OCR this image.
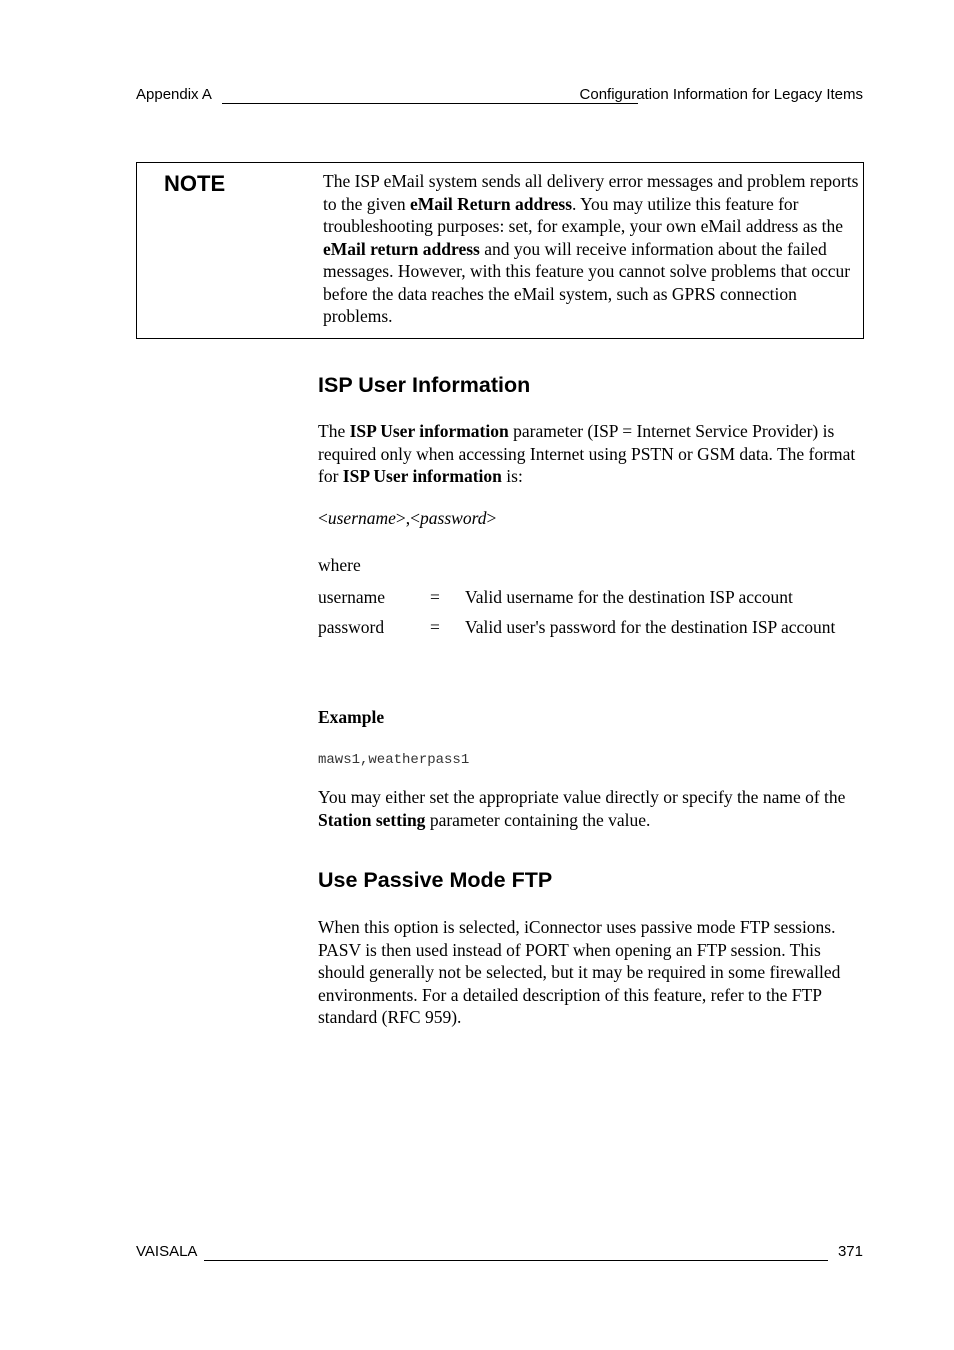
Appendix A	Configuration Information for Legacy Items
NOTE	The ISP eMail system sends all delivery error messages and problem reports to the given eMail Return address. You may utilize this feature for troubleshooting purposes: set, for example, your own eMail address as the eMail return address and you will receive information about the failed messages. However, with this feature you cannot solve problems that occur before the data reaches the eMail system, such as GPRS connection problems.
ISP User Information

The ISP User information parameter (ISP = Internet Service Provider) is required only when accessing Internet using PSTN or GSM data. The format for ISP User information is:

<username>,<password>

where

username	= Valid username for the destination ISP account
password	= Valid user's password for the destination ISP account

Example

maws1,weatherpass1

You may either set the appropriate value directly or specify the name of the Station setting parameter containing the value.

Use Passive Mode FTP

When this option is selected, iConnector uses passive mode FTP sessions. PASV is then used instead of PORT when opening an FTP session. This should generally not be selected, but it may be required in some firewalled environments. For a detailed description of this feature, refer to the FTP standard (RFC 959).

VAISALA	371
